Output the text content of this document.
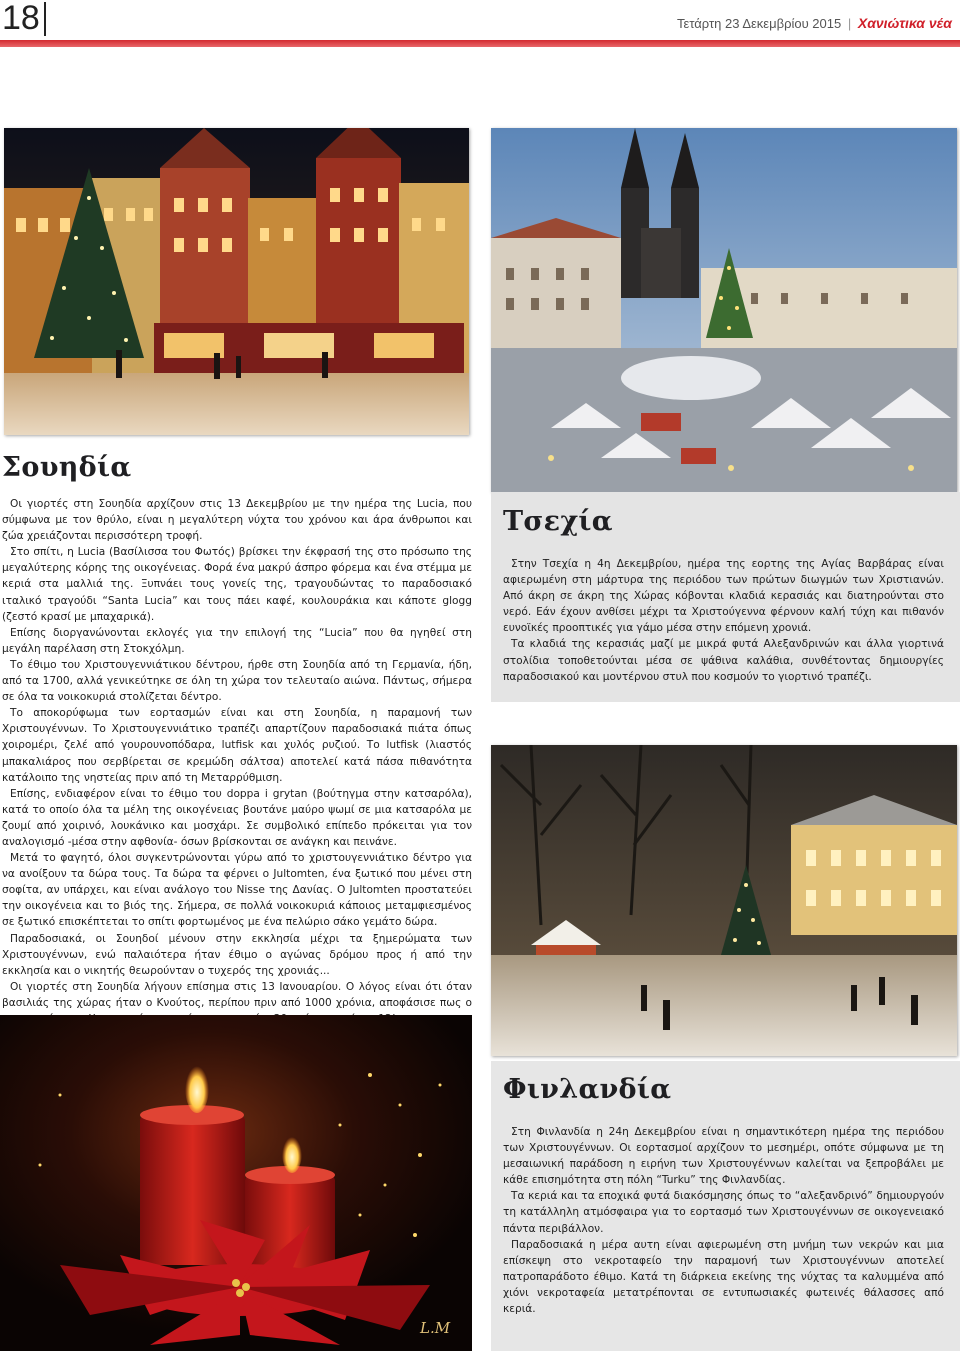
18	Τετάρτη 23 Δεκεμβρίου 2015 | Χανιώτικα νέα
Σουηδία

Οι γιορτές στη Σουηδία αρχίζουν στις 13 Δεκεμβρίου με την ημέρα της Lucia, που σύμφωνα με τον θρύλο, είναι η μεγαλύτερη νύχτα του χρόνου και άρα άνθρωποι και ζώα χρειάζονται περισσότερη τροφή.

Στο σπίτι, η Lucia (Βασίλισσα του Φωτός) βρίσκει την έκφρασή της στο πρόσωπο της μεγαλύτερης κόρης της οικογένειας. Φορά ένα μακρύ άσπρο φόρεμα και ένα στέμμα με κεριά στα μαλλιά της. Ξυπνάει τους γονείς της, τραγουδώντας το παραδοσιακό ιταλικό τραγούδι “Santa Lucia” και τους πάει καφέ, κουλουράκια και κάποτε glogg (ζεστό κρασί με μπαχαρικά).

Επίσης διοργανώνονται εκλογές για την επιλογή της “Lucia” που θα ηγηθεί στη μεγάλη παρέλαση στη Στοκχόλμη.

Το έθιμο του Χριστουγεννιάτικου δέντρου, ήρθε στη Σουηδία από τη Γερμανία, ήδη, από τα 1700, αλλά γενικεύτηκε σε όλη τη χώρα τον τελευταίο αιώνα. Πάντως, σήμερα σε όλα τα νοικοκυριά στολίζεται δέντρο.

Το αποκορύφωμα των εορτασμών είναι και στη Σουηδία, η παραμονή των Χριστουγέννων. Το Χριστουγεννιάτικο τραπέζι απαρτίζουν παραδοσιακά πιάτα όπως χοιρομέρι, ζελέ από γουρουνοπόδαρα, lutfisk και χυλός ρυζιού. Το lutfisk (λιαστός μπακαλιάρος που σερβίρεται σε κρεμώδη σάλτσα) αποτελεί κατά πάσα πιθανότητα κατάλοιπο της νηστείας πριν από τη Μεταρρύθμιση.

Επίσης, ενδιαφέρον είναι το έθιμο του doppa i grytan (βούτηγμα στην κατσαρόλα), κατά το οποίο όλα τα μέλη της οικογένειας βουτάνε μαύρο ψωμί σε μια κατσαρόλα με ζουμί από χοιρινό, λουκάνικο και μοσχάρι. Σε συμβολικό επίπεδο πρόκειται για τον αναλογισμό -μέσα στην αφθονία- όσων βρίσκονται σε ανάγκη και πεινάνε.

Μετά το φαγητό, όλοι συγκεντρώνονται γύρω από το χριστουγεννιάτικο δέντρο για να ανοίξουν τα δώρα τους. Τα δώρα τα φέρνει ο Jultomten, ένα ξωτικό που μένει στη σοφίτα, αν υπάρχει, και είναι ανάλογο του Nisse της Δανίας. Ο Jultomten προστατεύει την οικογένεια και το βιός της. Σήμερα, σε πολλά νοικοκυριά κάποιος μεταμφιεσμένος σε ξωτικό επισκέπτεται το σπίτι φορτωμένος με ένα πελώριο σάκο γεμάτο δώρα.

Παραδοσιακά, οι Σουηδοί μένουν στην εκκλησία μέχρι τα ξημερώματα των Χριστουγέννων, ενώ παλαιότερα ήταν έθιμο ο αγώνας δρόμου προς ή από την εκκλησία και ο νικητής θεωρούνταν ο τυχερός της χρονιάς...

Οι γιορτές στη Σουηδία λήγουν επίσημα στις 13 Ιανουαρίου. Ο λόγος είναι ότι όταν βασιλιάς της χώρας ήταν ο Κνούτος, περίπου πριν από 1000 χρόνια, αποφάσισε πως ο

Τσεχία

Στην Τσεχία η 4η Δεκεμβρίου, ημέρα της εορτης της Αγίας Βαρβάρας είναι αφιερωμένη στη μάρτυρα της περιόδου των πρώτων διωγμών των Χριστιανών. Από άκρη σε άκρη της Χώρας κόβονται κλαδιά κερασιάς και διατηρούνται στο νερό. Εάν έχουν ανθίσει μέχρι τα Χριστούγεννα φέρνουν καλή τύχη και πιθανόν ευνοϊκές προοπτικές για γάμο μέσα στην επόμενη χρονιά.

Τα κλαδιά της κερασιάς μαζί με μικρά φυτά Αλεξανδρινών και άλλα γιορτινά στολίδια τοποθετούνται μέσα σε ψάθινα καλάθια, συνθέτοντας δημιουργίες παραδοσιακού και μοντέρνου στυλ που κοσμούν το γιορτινό τραπέζι.

Φινλανδία

Στη Φινλανδία η 24η Δεκεμβρίου είναι η σημαντικότερη ημέρα της περιόδου των Χριστουγέννων. Οι εορτασμοί αρχίζουν το μεσημέρι, οπότε σύμφωνα με τη μεσαιωνική παράδοση η ειρήνη των Χριστουγέννων καλείται να ξεπροβάλει με κάθε επισημότητα στη πόλη “Turku” της Φινλανδίας.

Τα κεριά και τα εποχικά φυτά διακόσμησης όπως το “αλεξανδρινό” δημιουργούν τη κατάλληλη ατμόσφαιρα για το εορτασμό των Χριστουγέννων σε οικογενειακό πάντα περιβάλλον.

Παραδοσιακά η μέρα αυτη είναι αφιερωμένη στη μνήμη των νεκρών και μια επίσκεψη στο νεκροταφείο την παραμονή των Χριστουγέννων αποτελεί πατροπαράδοτο έθιμο. Κατά τη διάρκεια εκείνης της νύχτας τα καλυμμένα από χιόνι νεκροταφεία μετατρέπονται σε εντυπωσιακές φωτεινές θάλασσες από κεριά.

L.M
